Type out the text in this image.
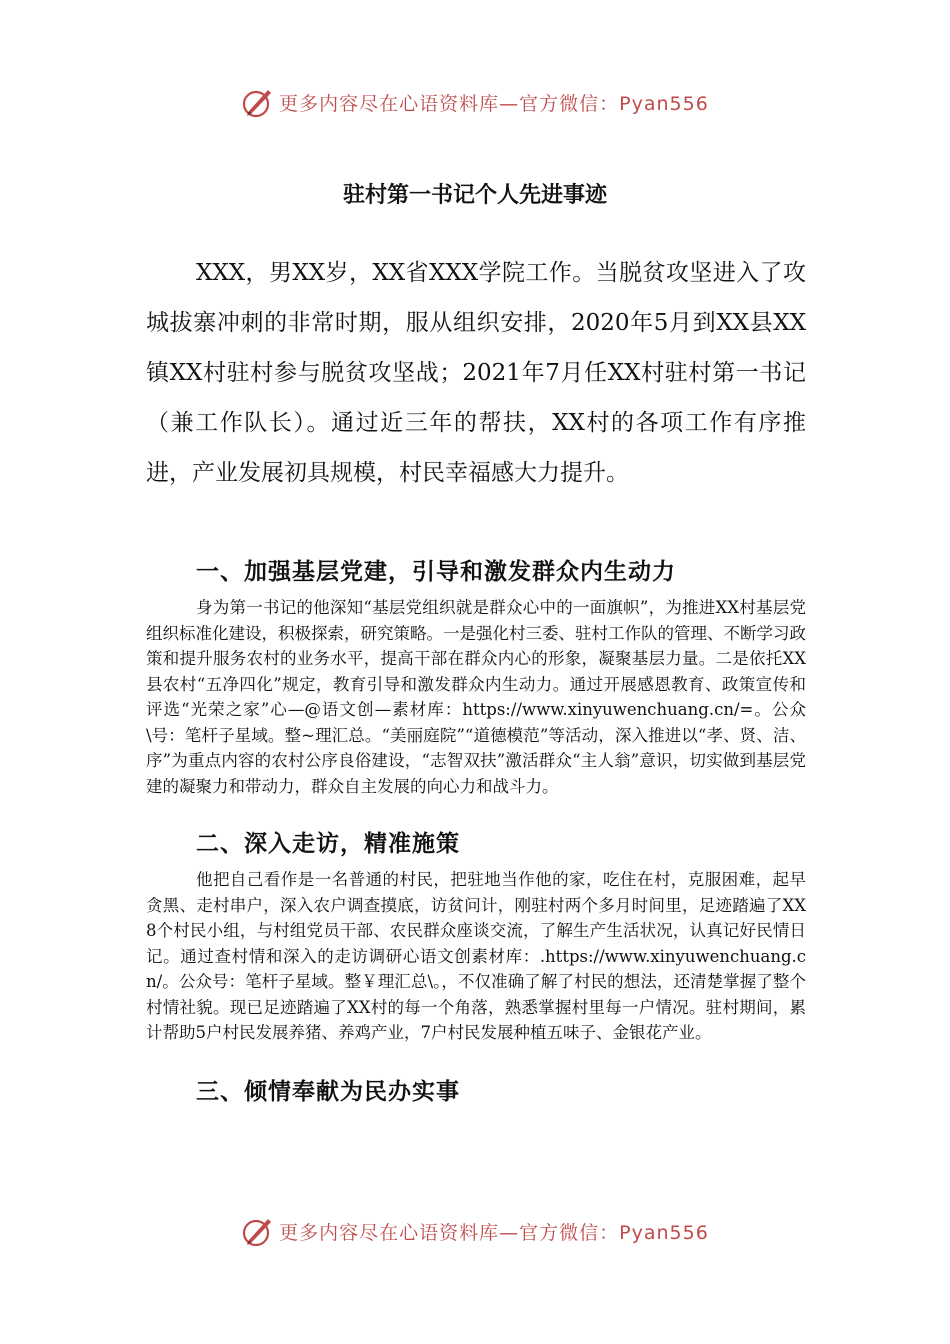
更多内容尽在心语资料库—官方微信：Pyan556
驻村第一书记个人先进事迹

XXX，男XX岁，XX省XXX学院工作。当脱贫攻坚进入了攻城拔寨冲刺的非常时期，服从组织安排，2020年5月到XX县XX镇XX村驻村参与脱贫攻坚战；2021年7月任XX村驻村第一书记（兼工作队长）。通过近三年的帮扶，XX村的各项工作有序推进，产业发展初具规模，村民幸福感大力提升。

一、加强基层党建，引导和激发群众内生动力

身为第一书记的他深知“基层党组织就是群众心中的一面旗帜”，为推进XX村基层党组织标准化建设，积极探索，研究策略。一是强化村三委、驻村工作队的管理、不断学习政策和提升服务农村的业务水平，提高干部在群众内心的形象，凝聚基层力量。二是依托XX县农村“五净四化”规定，教育引导和激发群众内生动力。通过开展感恩教育、政策宣传和评选“光荣之家”心—@语文创—素材库：https://www.xinyuwenchuang.cn/=。公众\号：笔杆子星域。整~理汇总。“美丽庭院”“道德模范”等活动，深入推进以“孝、贤、洁、序”为重点内容的农村公序良俗建设，“志智双扶”激活群众“主人翁”意识，切实做到基层党建的凝聚力和带动力，群众自主发展的向心力和战斗力。

二、深入走访，精准施策

他把自己看作是一名普通的村民，把驻地当作他的家，吃住在村，克服困难，起早贪黑、走村串户，深入农户调查摸底，访贫问计，刚驻村两个多月时间里，足迹踏遍了XX 8个村民小组，与村组党员干部、农民群众座谈交流，了解生产生活状况，认真记好民情日记。通过查村情和深入的走访调研心语文创素材库：.https://www.xinyuwenchuang.cn/。公众号：笔杆子星域。整￥理汇总\。，不仅准确了解了村民的想法，还清楚掌握了整个村情社貌。现已足迹踏遍了XX村的每一个角落，熟悉掌握村里每一户情况。驻村期间，累计帮助5户村民发展养猪、养鸡产业，7户村民发展种植五味子、金银花产业。

三、倾情奉献为民办实事
更多内容尽在心语资料库—官方微信：Pyan556
